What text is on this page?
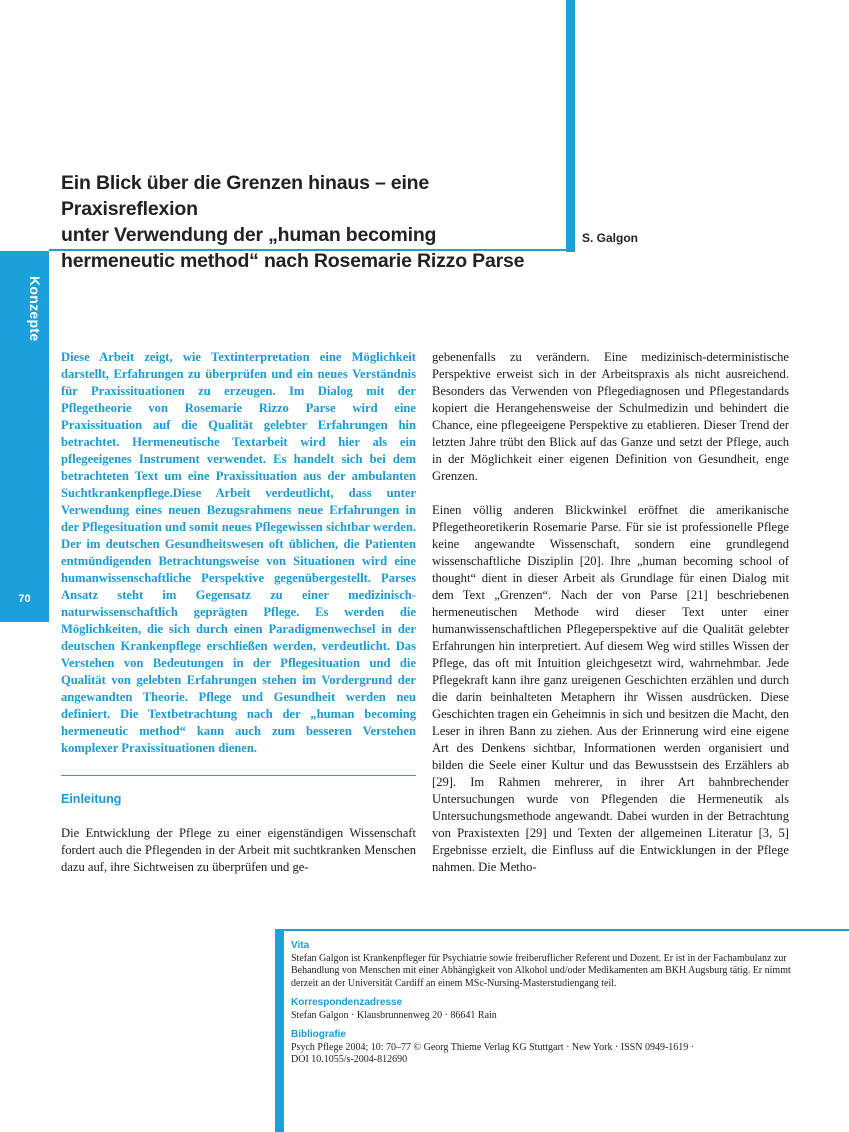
Konzepte
70
Ein Blick über die Grenzen hinaus – eine Praxisreflexion
unter Verwendung der „human becoming
hermeneutic method“ nach Rosemarie Rizzo Parse
S. Galgon

Diese Arbeit zeigt, wie Textinterpretation eine Möglichkeit darstellt, Erfahrungen zu überprüfen und ein neues Verständnis für Praxissituationen zu erzeugen. Im Dialog mit der Pflegetheorie von Rosemarie Rizzo Parse wird eine Praxissituation auf die Qualität gelebter Erfahrungen hin betrachtet. Hermeneutische Textarbeit wird hier als ein pflegeeigenes Instrument verwendet. Es handelt sich bei dem betrachteten Text um eine Praxissituation aus der ambulanten Suchtkrankenpflege.Diese Arbeit verdeutlicht, dass unter Verwendung eines neuen Bezugsrahmens neue Erfahrungen in der Pflegesituation und somit neues Pflegewissen sichtbar werden. Der im deutschen Gesundheitswesen oft üblichen, die Patienten entmündigenden Betrachtungsweise von Situationen wird eine humanwissenschaftliche Perspektive gegenübergestellt. Parses Ansatz steht im Gegensatz zu einer medizinisch-naturwissenschaftlich geprägten Pflege. Es werden die Möglichkeiten, die sich durch einen Paradigmenwechsel in der deutschen Krankenpflege erschließen werden, verdeutlicht. Das Verstehen von Bedeutungen in der Pflegesituation und die Qualität von gelebten Erfahrungen stehen im Vordergrund der angewandten Theorie. Pflege und Gesundheit werden neu definiert. Die Textbetrachtung nach der „human becoming hermeneutic method“ kann auch zum besseren Verstehen komplexer Praxissituationen dienen.

Einleitung

Die Entwicklung der Pflege zu einer eigenständigen Wissenschaft fordert auch die Pflegenden in der Arbeit mit suchtkranken Menschen dazu auf, ihre Sichtweisen zu überprüfen und ge-

gebenenfalls zu verändern. Eine medizinisch-deterministische Perspektive erweist sich in der Arbeitspraxis als nicht ausreichend. Besonders das Verwenden von Pflegediagnosen und Pflegestandards kopiert die Herangehensweise der Schulmedizin und behindert die Chance, eine pflegeeigene Perspektive zu etablieren. Dieser Trend der letzten Jahre trübt den Blick auf das Ganze und setzt der Pflege, auch in der Möglichkeit einer eigenen Definition von Gesundheit, enge Grenzen.

Einen völlig anderen Blickwinkel eröffnet die amerikanische Pflegetheoretikerin Rosemarie Parse. Für sie ist professionelle Pflege keine angewandte Wissenschaft, sondern eine grundlegend wissenschaftliche Disziplin [20]. Ihre „human becoming school of thought“ dient in dieser Arbeit als Grundlage für einen Dialog mit dem Text „Grenzen“. Nach der von Parse [21] beschriebenen hermeneutischen Methode wird dieser Text unter einer humanwissenschaftlichen Pflegeperspektive auf die Qualität gelebter Erfahrungen hin interpretiert. Auf diesem Weg wird stilles Wissen der Pflege, das oft mit Intuition gleichgesetzt wird, wahrnehmbar. Jede Pflegekraft kann ihre ganz ureigenen Geschichten erzählen und durch die darin beinhalteten Metaphern ihr Wissen ausdrücken. Diese Geschichten tragen ein Geheimnis in sich und besitzen die Macht, den Leser in ihren Bann zu ziehen. Aus der Erinnerung wird eine eigene Art des Denkens sichtbar, Informationen werden organisiert und bilden die Seele einer Kultur und das Bewusstsein des Erzählers ab [29]. Im Rahmen mehrerer, in ihrer Art bahnbrechender Untersuchungen wurde von Pflegenden die Hermeneutik als Untersuchungsmethode angewandt. Dabei wurden in der Betrachtung von Praxistexten [29] und Texten der allgemeinen Literatur [3, 5] Ergebnisse erzielt, die Einfluss auf die Entwicklungen in der Pflege nahmen. Die Metho-

Vita

Stefan Galgon ist Krankenpfleger für Psychiatrie sowie freiberuflicher Referent und Dozent. Er ist in der Fachambulanz zur Behandlung von Menschen mit einer Abhängigkeit von Alkohol und/oder Medikamenten am BKH Augsburg tätig. Er nimmt derzeit an der Universität Cardiff an einem MSc-Nursing-Masterstudiengang teil.

Korrespondenzadresse

Stefan Galgon · Klausbrunnenweg 20 · 86641 Rain

Bibliografie

Psych Pflege 2004; 10: 70–77 © Georg Thieme Verlag KG Stuttgart · New York · ISSN 0949-1619 ·

DOI 10.1055/s-2004-812690
